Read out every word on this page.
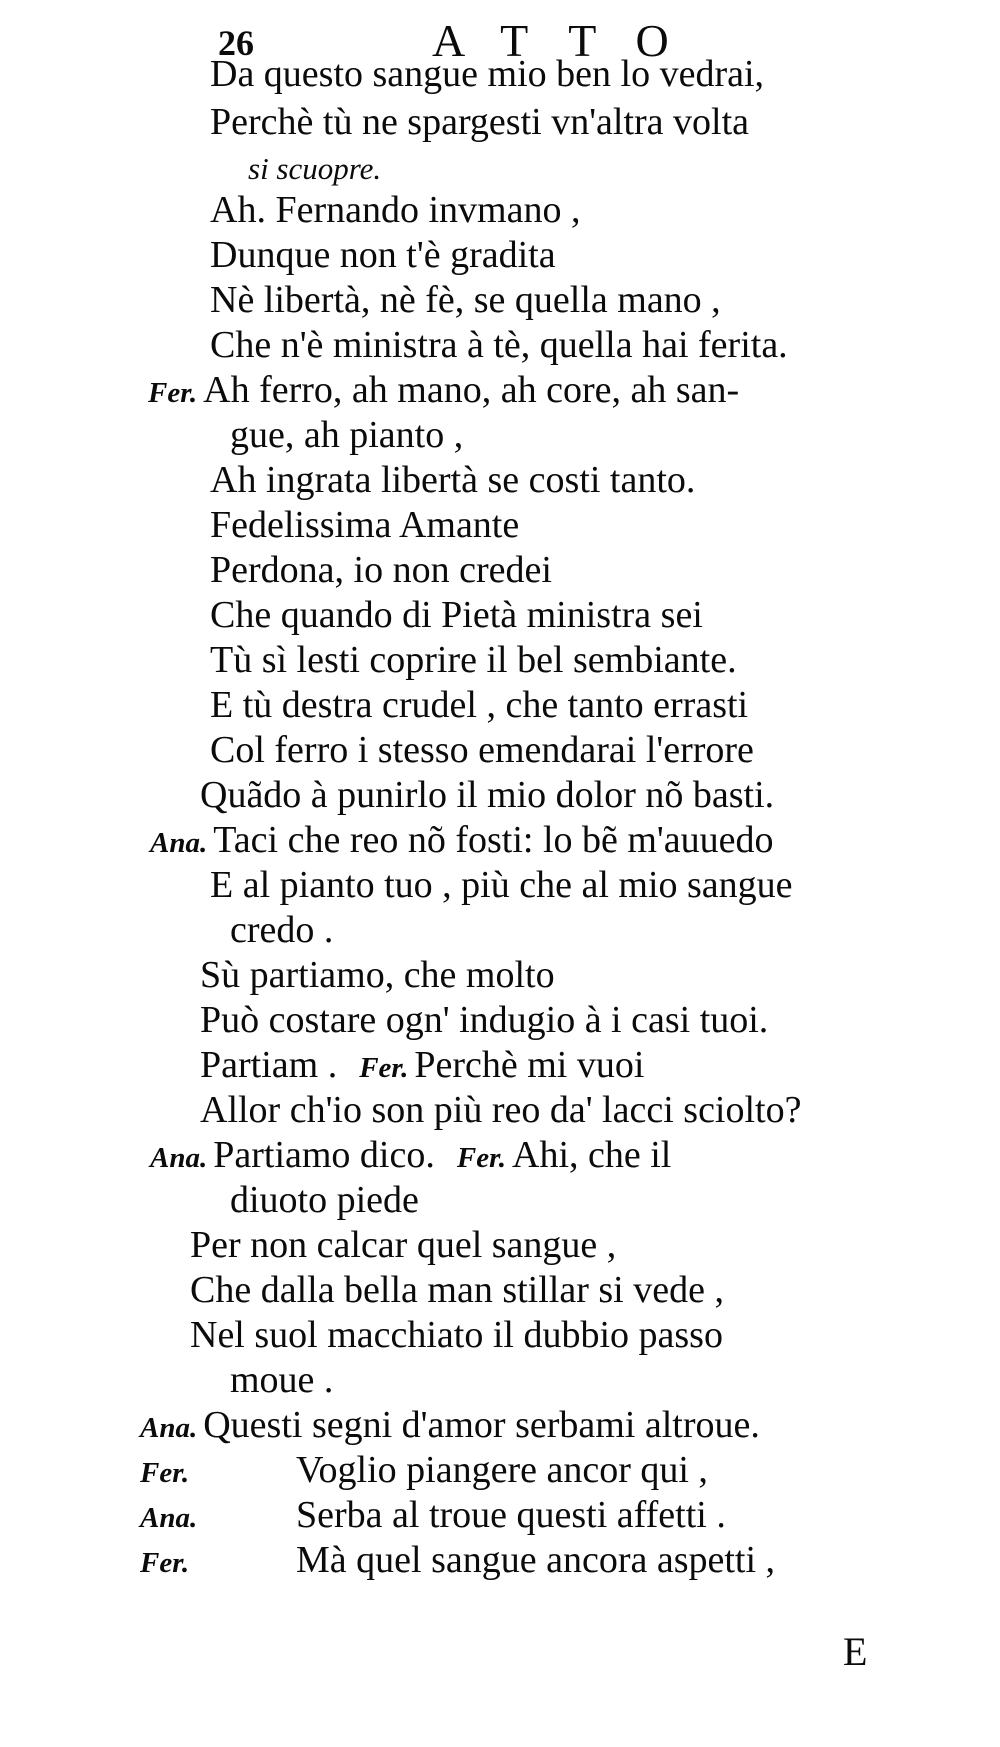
26	ATTO
Da questo sangue mio ben lo vedrai,
Perchè tù ne spargesti vn'altra volta
si scuopre.
Ah. Fernando invmano ,
Dunque non t'è gradita
Nè libertà, nè fè, se quella mano ,
Che n'è ministra à tè, quella hai ferita.
Fer. Ah ferro, ah mano, ah core, ah san-
gue, ah pianto ,
Ah ingrata libertà se costi tanto.
Fedelissima Amante
Perdona, io non credei
Che quando di Pietà ministra sei
Tù sì lesti coprire il bel sembiante.
E tù destra crudel , che tanto errasti
Col ferro i stesso emendarai l'errore
Quãdo à punirlo il mio dolor nõ basti.
Ana. Taci che reo nõ fosti: lo bẽ m'auuedo
E al pianto tuo , più che al mio sangue
credo .
Sù partiamo, che molto
Può costare ogn' indugio à i casi tuoi.
Partiam . Fer. Perchè mi vuoi
Allor ch'io son più reo da' lacci sciolto?
Ana. Partiamo dico. Fer. Ahi, che il
diuoto piede
Per non calcar quel sangue ,
Che dalla bella man stillar si vede ,
Nel suol macchiato il dubbio passo
moue .
Ana. Questi segni d'amor serbami altroue.
Fer.	Voglio piangere ancor qui ,
Ana.	Serba al troue questi affetti .
Fer.	Mà quel sangue ancora aspetti ,
E
